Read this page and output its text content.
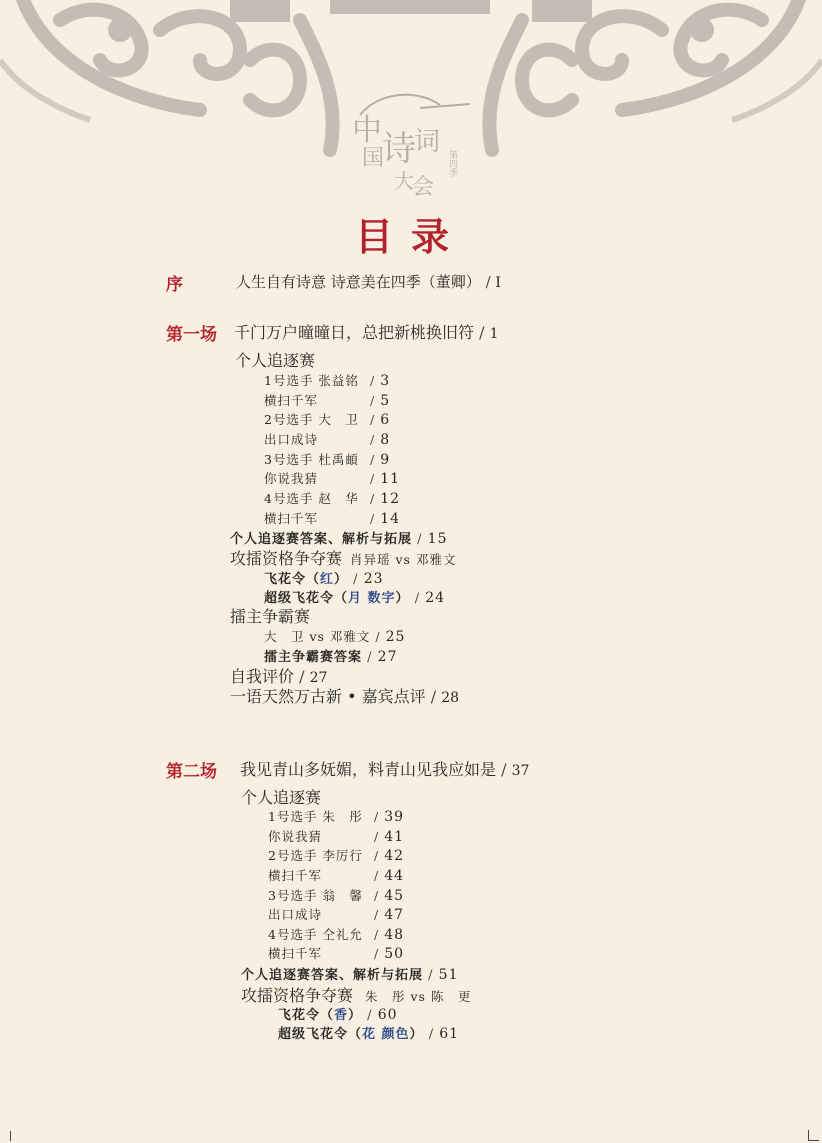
中
国
诗
词
大
会
第四季
目录
序	人生自有诗意 诗意美在四季（董卿） / I
第一场 千门万户曈曈日，总把新桃换旧符 / 1
个人追逐赛
1号选手 张益铭 / 3
横扫千军	/ 5
2号选手 大　卫 / 6
出口成诗	/ 8
3号选手 杜禹頔 / 9
你说我猜	/ 11
4号选手 赵　华 / 12
横扫千军	/ 14
个人追逐赛答案、解析与拓展 / 15
攻擂资格争夺赛 肖异瑶 vs 邓雅文
飞花令（红） / 23
超级飞花令（月 数字） / 24
擂主争霸赛
大　卫 vs 邓雅文 / 25
擂主争霸赛答案 / 27
自我评价 / 27
一语天然万古新 • 嘉宾点评 / 28
第二场 我见青山多妩媚，料青山见我应如是 / 37
个人追逐赛
1号选手 朱　彤 / 39
你说我猜	/ 41
2号选手 李厉行 / 42
横扫千军	/ 44
3号选手 翁　馨 / 45
出口成诗	/ 47
4号选手 仝礼允 / 48
横扫千军	/ 50
个人追逐赛答案、解析与拓展 / 51
攻擂资格争夺赛 朱　彤 vs 陈　更
飞花令（香） / 60
超级飞花令（花 颜色） / 61
